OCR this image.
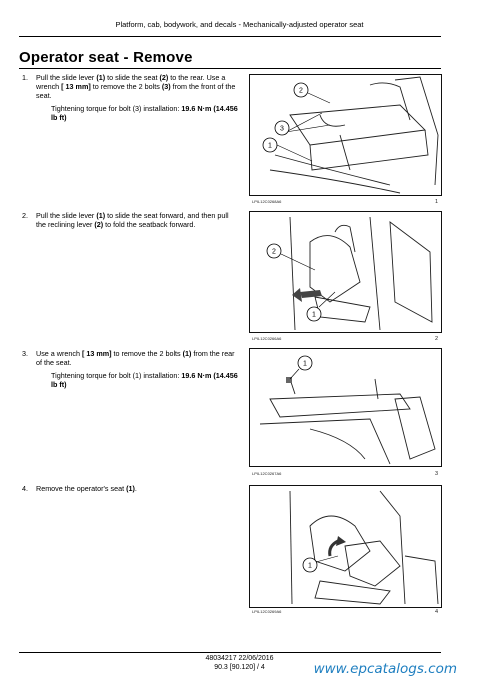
Platform, cab, bodywork, and decals - Mechanically-adjusted operator seat
Operator seat - Remove
1. Pull the slide lever (1) to slide the seat (2) to the rear. Use a wrench [ 13 mm] to remove the 2 bolts (3) from the front of the seat.
Tightening torque for bolt (3) installation: 19.6 N·m (14.456 lb ft)
2. Pull the slide lever (1) to slide the seat forward, and then pull the reclining lever (2) to fold the seatback forward.
3. Use a wrench [ 13 mm] to remove the 2 bolts (1) from the rear of the seat.
Tightening torque for bolt (1) installation: 19.6 N·m (14.456 lb ft)
4. Remove the operator's seat (1).
1
2
3
LPIL12C0268A6	1
2
1
LPIL12C0266A6	2
1
LPIL12C0267A6	3
1
LPIL12C0269A6	4
48034217 22/06/2016
90.3 [90.120] / 4	www.epcatalogs.com
